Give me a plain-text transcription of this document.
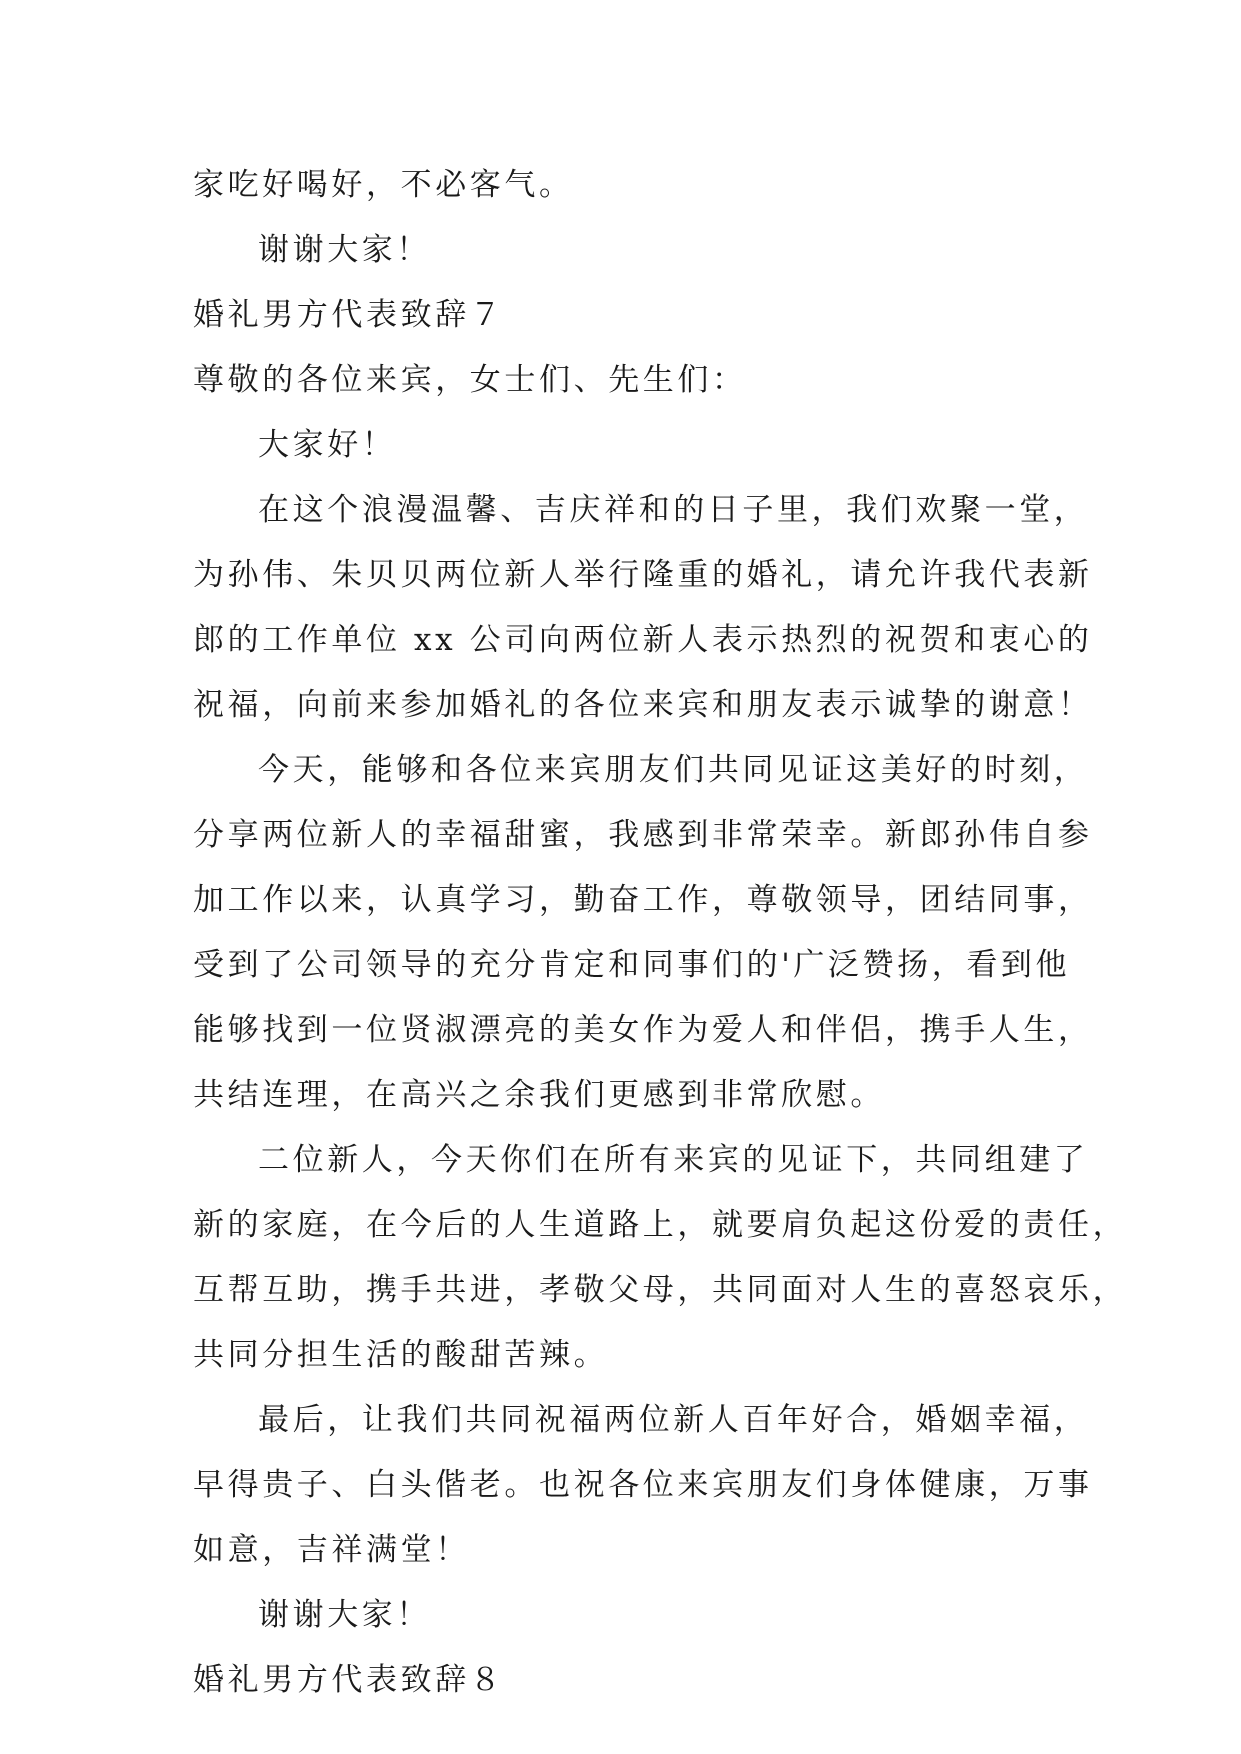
家吃好喝好，不必客气。
谢谢大家！
婚礼男方代表致辞７
尊敬的各位来宾，女士们、先生们：
大家好！
在这个浪漫温馨、吉庆祥和的日子里，我们欢聚一堂，
为孙伟、朱贝贝两位新人举行隆重的婚礼，请允许我代表新
郎的工作单位 xx 公司向两位新人表示热烈的祝贺和衷心的
祝福，向前来参加婚礼的各位来宾和朋友表示诚挚的谢意！
今天，能够和各位来宾朋友们共同见证这美好的时刻，
分享两位新人的幸福甜蜜，我感到非常荣幸。新郎孙伟自参
加工作以来，认真学习，勤奋工作，尊敬领导，团结同事，
受到了公司领导的充分肯定和同事们的'广泛赞扬，看到他
能够找到一位贤淑漂亮的美女作为爱人和伴侣，携手人生，
共结连理，在高兴之余我们更感到非常欣慰。
二位新人，今天你们在所有来宾的见证下，共同组建了
新的家庭，在今后的人生道路上，就要肩负起这份爱的责任，
互帮互助，携手共进，孝敬父母，共同面对人生的喜怒哀乐，
共同分担生活的酸甜苦辣。
最后，让我们共同祝福两位新人百年好合，婚姻幸福，
早得贵子、白头偕老。也祝各位来宾朋友们身体健康，万事
如意，吉祥满堂！
谢谢大家！
婚礼男方代表致辞８
